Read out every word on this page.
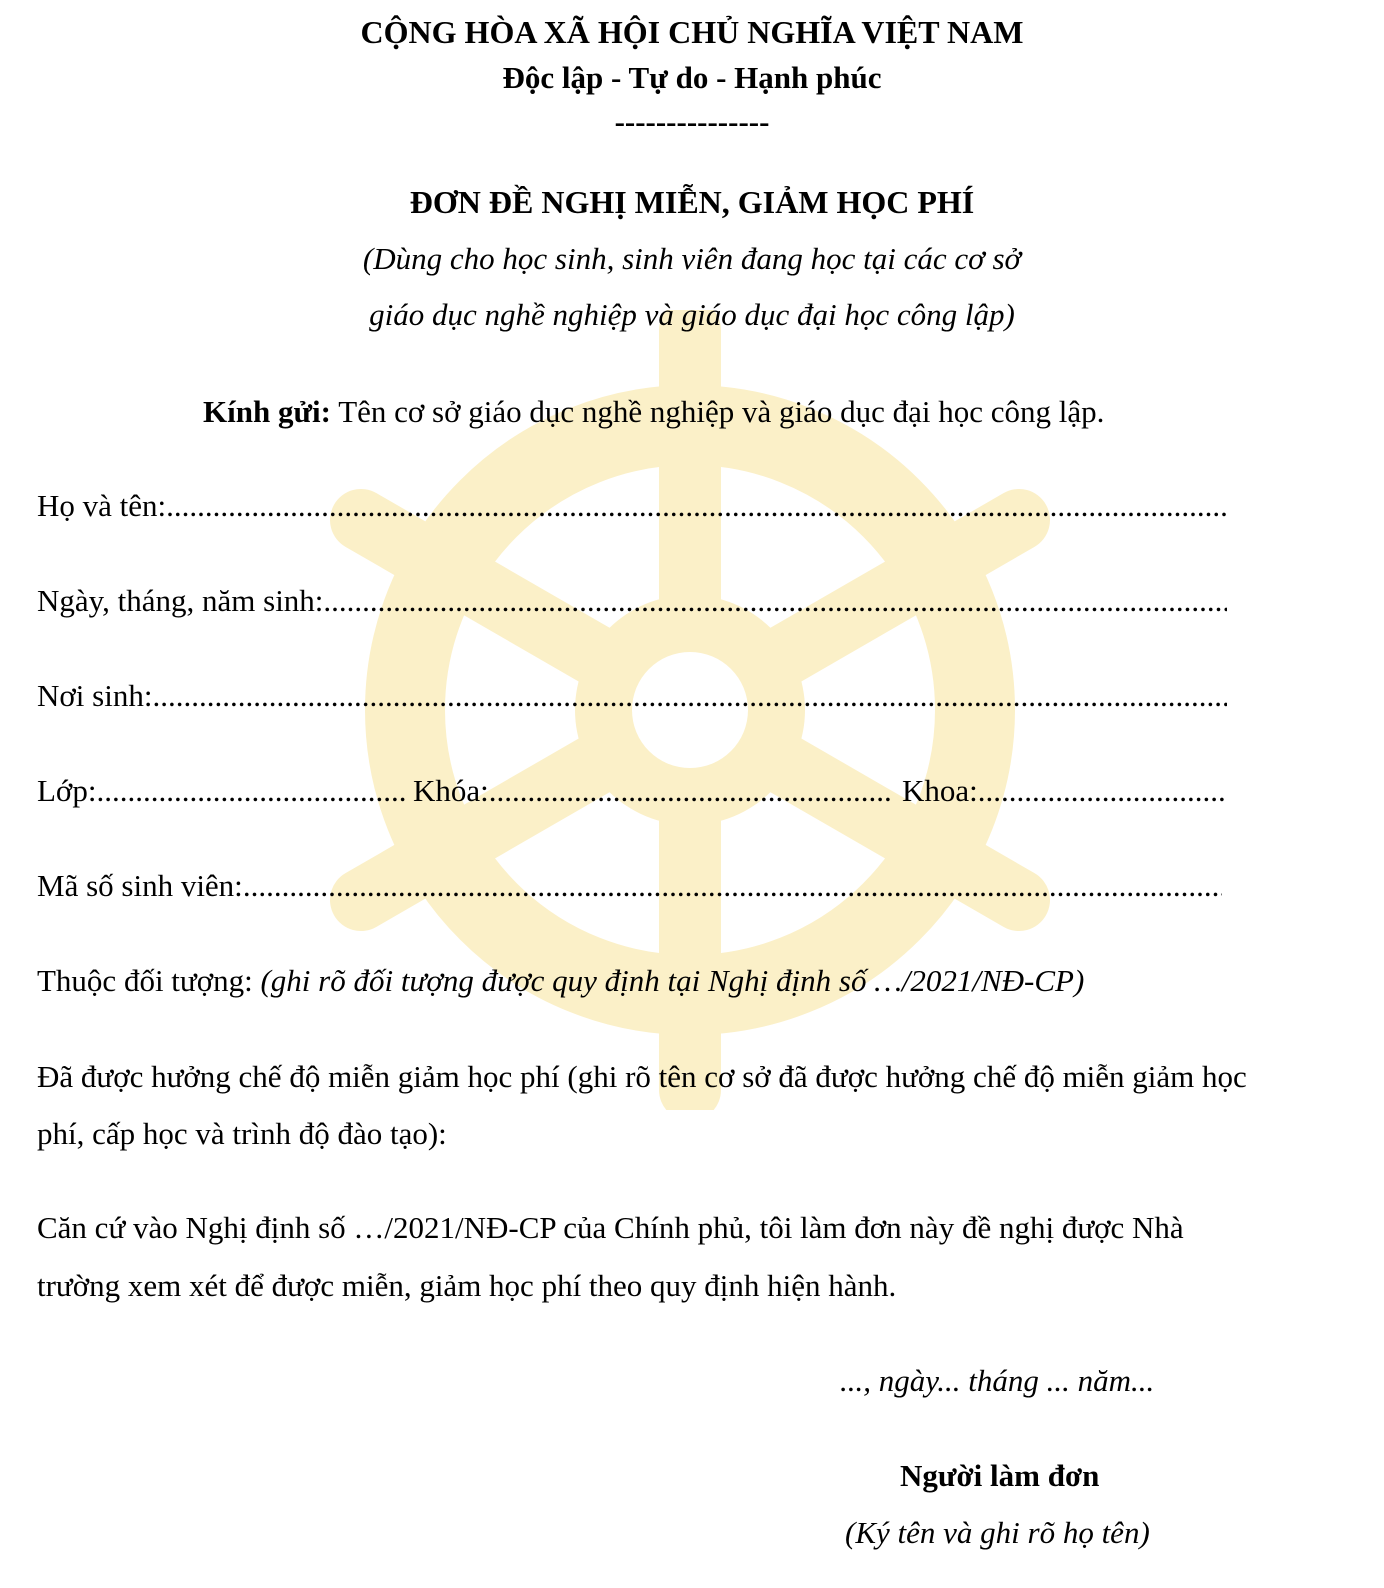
CỘNG HÒA XÃ HỘI CHỦ NGHĨA VIỆT NAM
Độc lập - Tự do - Hạnh phúc
---------------
ĐƠN ĐỀ NGHỊ MIỄN, GIẢM HỌC PHÍ
(Dùng cho học sinh, sinh viên đang học tại các cơ sở
giáo dục nghề nghiệp và giáo dục đại học công lập)
Kính gửi: Tên cơ sở giáo dục nghề nghiệp và giáo dục đại học công lập.
Họ và tên:
.....
Ngày, tháng, năm sinh:
.....
Nơi sinh:
.....
Lớp: .....	Khóa: .....	Khoa:
.....
Mã số sinh viên:
.....
Thuộc đối tượng: (ghi rõ đối tượng được quy định tại Nghị định số …/2021/NĐ-CP)
Đã được hưởng chế độ miễn giảm học phí (ghi rõ tên cơ sở đã được hưởng chế độ miễn giảm học
phí, cấp học và trình độ đào tạo):
Căn cứ vào Nghị định số …/2021/NĐ-CP của Chính phủ, tôi làm đơn này đề nghị được Nhà
trường xem xét để được miễn, giảm học phí theo quy định hiện hành.
..., ngày... tháng ... năm...
Người làm đơn
(Ký tên và ghi rõ họ tên)
